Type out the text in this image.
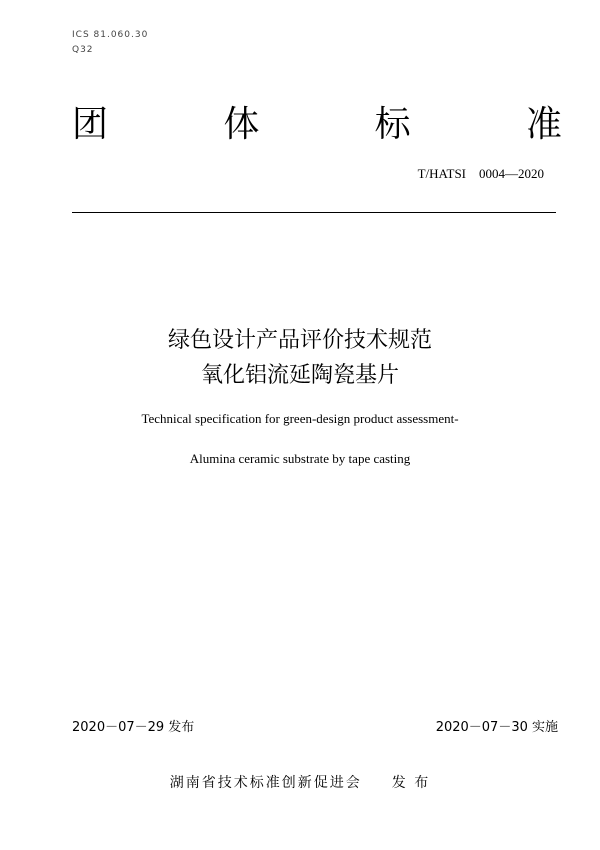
ICS 81.060.30
Q32
团	体	标	准
T/HATSI　0004—2020
绿色设计产品评价技术规范
氧化铝流延陶瓷基片
Technical specification for green-design product assessment-
Alumina ceramic substrate by tape casting
2020－07－29 发布	2020－07－30 实施
湖南省技术标准创新促进会 发 布
